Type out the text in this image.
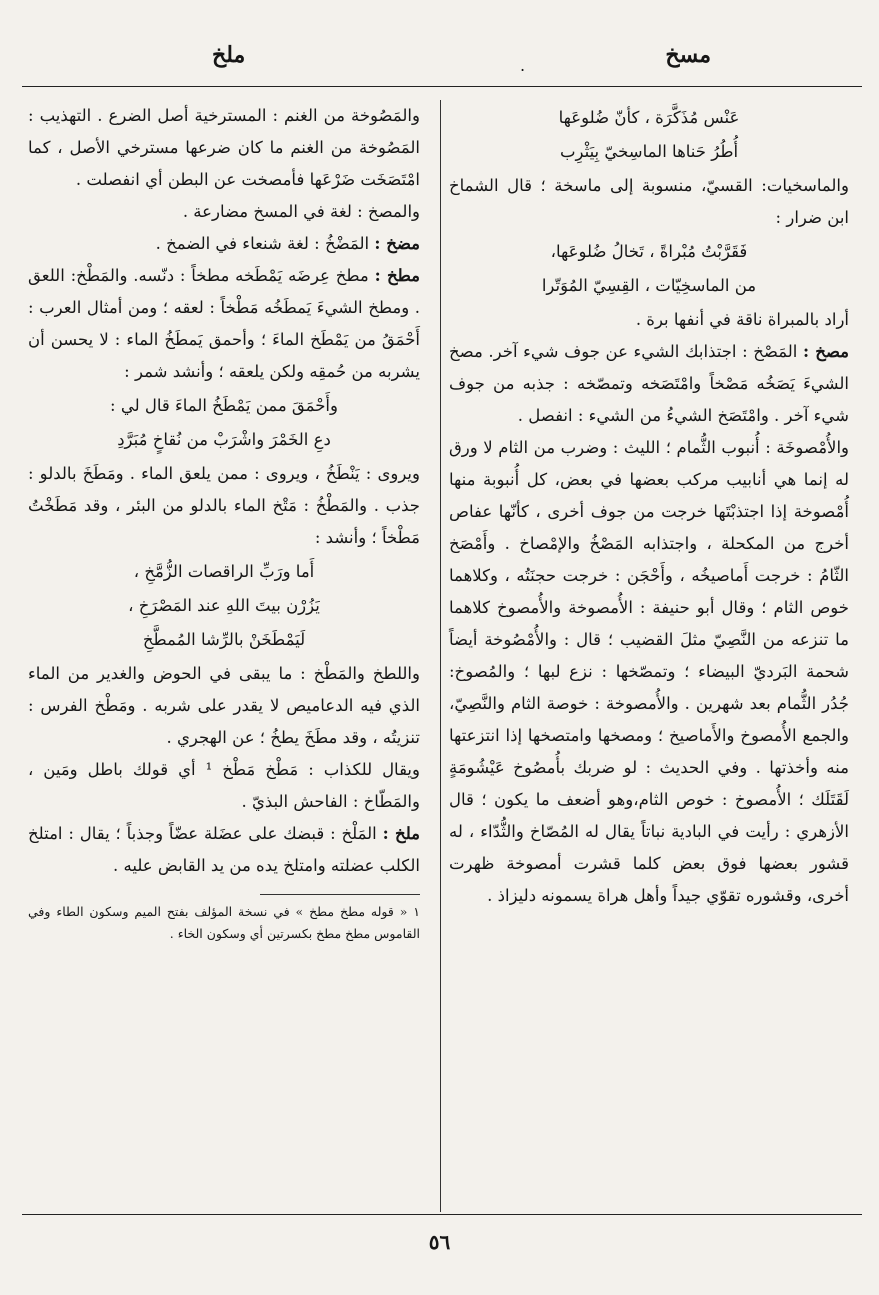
مسخ
.
ملخ
عَنْس مُذَكَّرَة ، كأنّ ضُلوعَها
أُطُرُ حَناها الماسِخيّ بِيَثْرِب

والماسخيات: القسيّ، منسوبة إلى ماسخة ؛ قال الشماخ ابن ضرار :

فَقَرَّبْتُ مُبْراةً ، تَخالُ ضُلوعَها،
من الماسخِيّات ، القِسِيّ المُوَتّرا

أراد بالمبراة ناقة في أنفها برة .

مصخ : المَصْخ : اجتذابك الشيء عن جوف شيء آخر. مصخ الشيءَ يَصَخُه مَصْخاً وامْتَصَخه وتمصّخه : جذبه من جوف شيء آخر . وامْتَصَخ الشيءُ من الشيء : انفصل .

والأُمْصوخَة : أُنبوب الثُّمام ؛ الليث : وضرب من الثام لا ورق له إنما هي أنابيب مركب بعضها في بعض، كل أُنبوبة منها أُمْصوخة إذا اجتذبْتَها خرجت من جوف أخرى ، كأنّها عفاص أخرج من المكحلة ، واجتذابه المَصْخُ والإمْصاخ . وأَمْصَخ الثّامُ : خرجت أَماصيخُه ، وأَحْجَن : خرجت حجنَتُه ، وكلاهما خوص الثام ؛ وقال أبو حنيفة : الأُمصوخة والأُمصوخ كلاهما ما تنزعه من النَّصِيّ مثلَ القضيب ؛ قال : والأُمْصُوخة أيضاً شحمة البَرديّ البيضاء ؛ وتمصّخها : نزع لبها ؛ والمُصوخ: جُدُر الثُّمام بعد شهرين . والأُمصوخة : خوصة الثام والنَّصِيّ، والجمع الأُمصوخ والأَماصيخ ؛ ومصخها وامتصخها إذا انتزعتها منه وأخذتها . وفي الحديث : لو ضربك بأُمصُوخ عَيْشُومَةٍ لَقَتَلَك ؛ الأُمصوخ : خوص الثام،وهو أضعف ما يكون ؛ قال الأزهري : رأيت في البادية نباتاً يقال له المُصّاخ والثُّدّاء ، له قشور بعضها فوق بعض كلما قشرت أمصوخة ظهرت أخرى، وقشوره تقوّي جيداً وأهل هراة يسمونه دليزاذ .

والمَصُوخة من الغنم : المسترخية أصل الضرع . التهذيب : المَصُوخة من الغنم ما كان ضرعها مسترخي الأصل ، كما امْتَصَخَت ضَرْعَها فأمصخت عن البطن أي انفصلت .

والمصخ : لغة في المسخ مضارعة .

مضخ : المَضْخُ : لغة شنعاء في الضمخ .

مطخ : مطخ عِرضَه يَمْطَخه مطخاً : دنّسه. والمَطْخ: اللعق . ومطخ الشيءَ يَمطَخُه مَطْخاً : لعقه ؛ ومن أمثال العرب : أَحْمَقُ من يَمْطَخ الماءَ ؛ وأحمق يَمطَخُ الماء : لا يحسن أن يشربه من حُمقِه ولكن يلعقه ؛ وأنشد شمر :

وأَحْمَقَ ممن يَمْطَخُ الماءَ قال لي :
دعِ الخَمْرَ واشْرَبْ من نُقاخٍ مُبَرَّدِ

ويروى : يَنْطَخُ ، ويروى : ممن يلعق الماء . ومَطَخَ بالدلو : جذب . والمَطْخُ : مَتْخ الماء بالدلو من البئر ، وقد مَطَخْتُ مَطْخاً ؛ وأنشد :

أَما ورَبِّ الراقصات الزُّمَّخِ ،
يَزُرْن بيتَ اللهِ عند المَصْرَخِ ،
لَيَمْطَخَنْ بالرِّشا المُمطَّخِ

واللطخ والمَطْخ : ما يبقى في الحوض والغدير من الماء الذي فيه الدعاميص لا يقدر على شربه . ومَطْخ الفرس : تنزيتُه ، وقد مطَخَ يطخُ ؛ عن الهجري .

ويقال للكذاب : مَطْخ مَطْخ ¹ أي قولك باطل ومَين ، والمَطّاخ : الفاحش البذيّ .

ملخ : المَلْخ : قبضك على عضَلة عضّاً وجذباً ؛ يقال : امتلخ الكلب عضلته وامتلخ يده من يد القابض عليه .

١ « قوله مطخ مطخ » في نسخة المؤلف بفتح الميم وسكون الطاء وفي القاموس مطخ مطخ بكسرتين أي وسكون الخاء .
٥٦
